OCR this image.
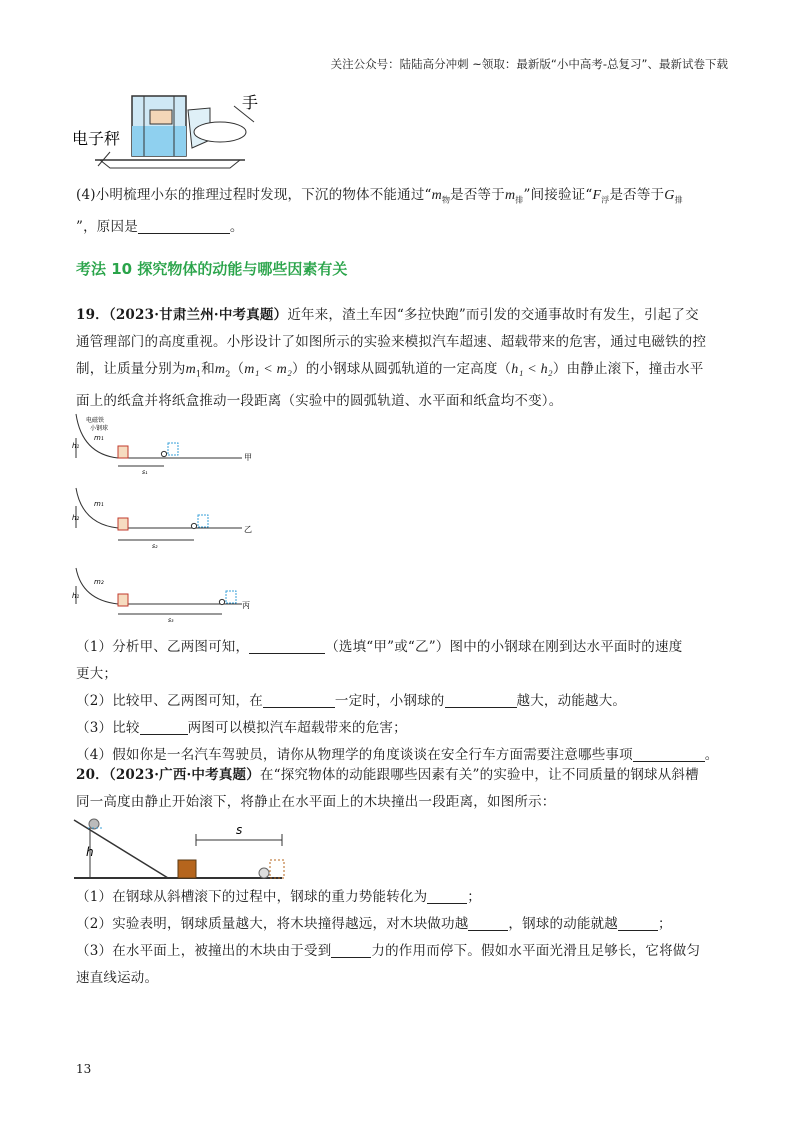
关注公众号：陆陆高分冲刺 ~领取：最新版“小中高考-总复习”、最新试卷下载
电子秤
手
(4)小明梳理小东的推理过程时发现，下沉的物体不能通过“$m_物$是否等于$m_排$”间接验证“$F_浮$是否等于$G_排$
”，原因是	。
考法 10 探究物体的动能与哪些因素有关
19．（2023·甘肃兰州·中考真题）近年来，渣土车因“多拉快跑”而引发的交通事故时有发生，引起了交
通管理部门的高度重视。小彤设计了如图所示的实验来模拟汽车超速、超载带来的危害，通过电磁铁的控
制，让质量分别为$m_1$和$m_2(m_1 < m_2)$的小钢球从圆弧轨道的一定高度（h₁ < h₂）由静止滚下，撞击水平
面上的纸盒并将纸盒推动一段距离（实验中的圆弧轨道、水平面和纸盒均不变）。
电磁铁
小钢球
h₁
m₁
s₁
甲
h₂
m₁
s₂
乙
h₁
m₂
s₃
丙
（1）分析甲、乙两图可知，	（选填“甲”或“乙”）图中的小钢球在刚到达水平面时的速度
更大；
（2）比较甲、乙两图可知，在	一定时，小钢球的	越大，动能越大。
（3）比较	两图可以模拟汽车超载带来的危害；
（4）假如你是一名汽车驾驶员，请你从物理学的角度谈谈在安全行车方面需要注意哪些事项	。
20．（2023·广西·中考真题）在“探究物体的动能跟哪些因素有关”的实验中，让不同质量的钢球从斜槽
同一高度由静止开始滚下，将静止在水平面上的木块撞出一段距离，如图所示：
h
s
（1）在钢球从斜槽滚下的过程中，钢球的重力势能转化为	；
（2）实验表明，钢球质量越大，将木块撞得越远，对木块做功越	，钢球的动能就越	；
（3）在水平面上，被撞出的木块由于受到	力的作用而停下。假如水平面光滑且足够长，它将做匀
速直线运动。
13
